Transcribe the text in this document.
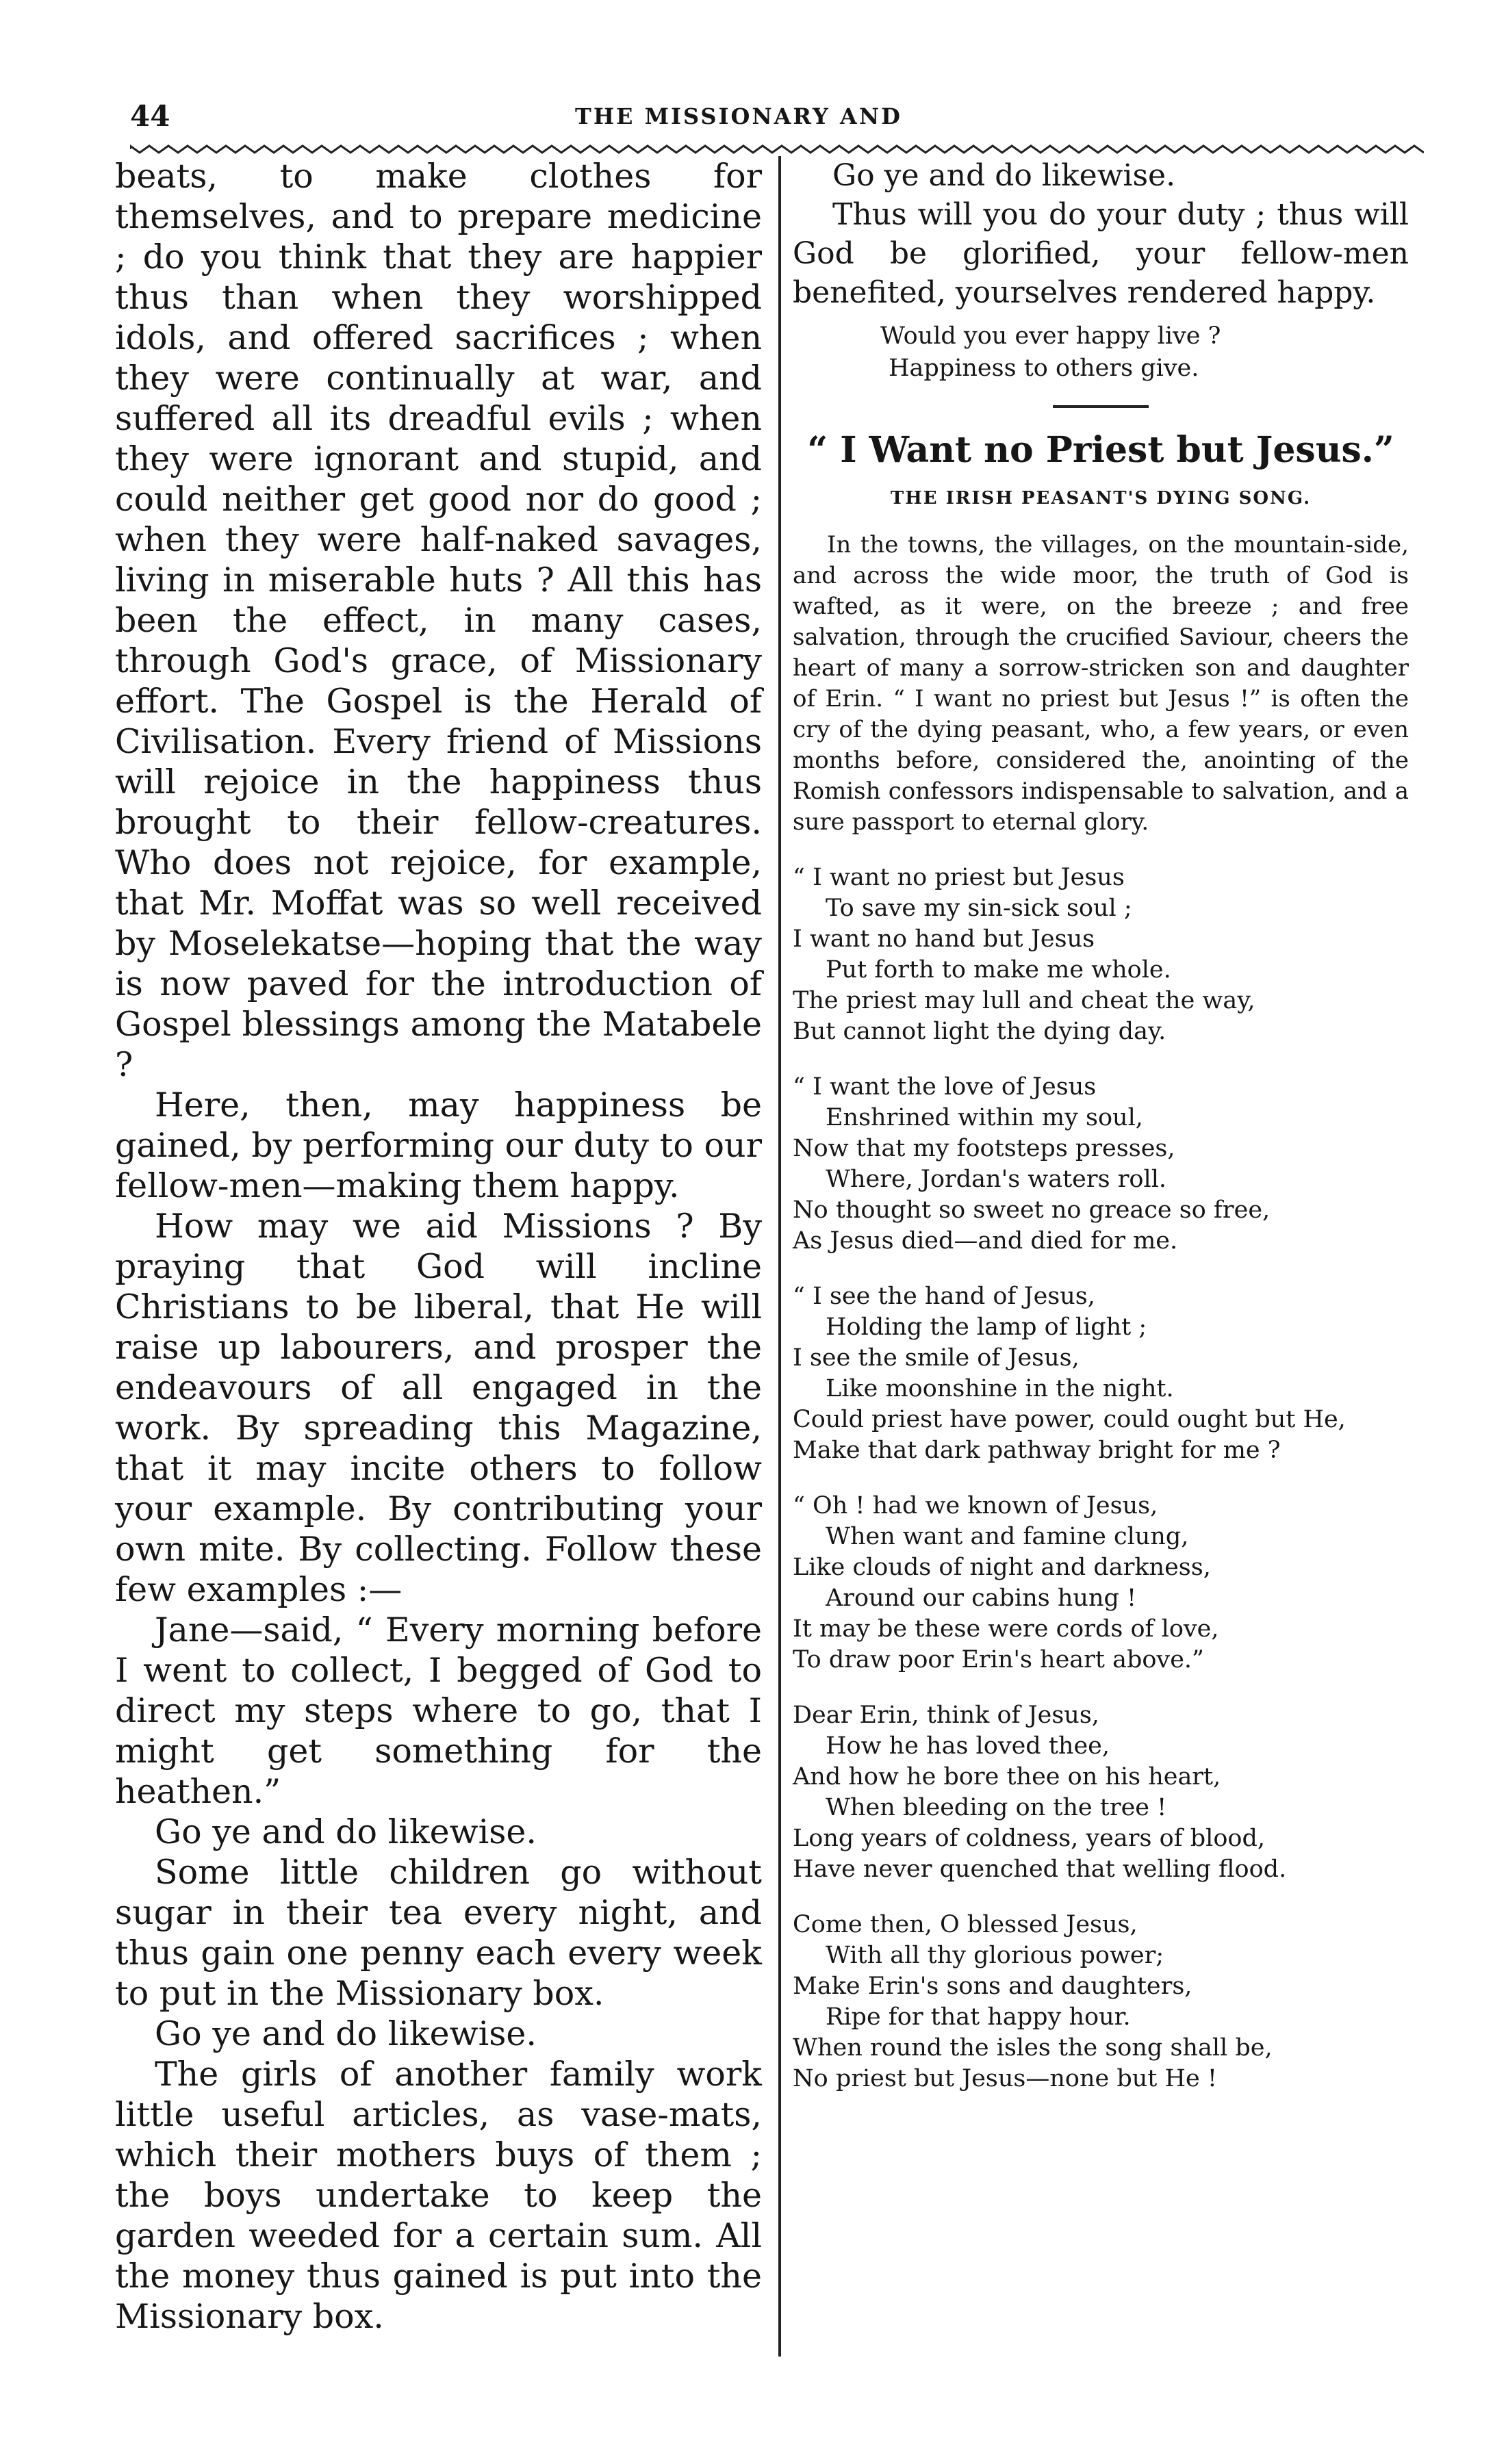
44	THE MISSIONARY AND

beats, to make clothes for themselves, and to prepare medicine ; do you think that they are happier thus than when they worshipped idols, and offered sacrifices ; when they were continually at war, and suffered all its dreadful evils ; when they were ignorant and stupid, and could neither get good nor do good ; when they were half-naked savages, living in miserable huts ? All this has been the effect, in many cases, through God's grace, of Missionary effort. The Gospel is the Herald of Civilisation. Every friend of Missions will rejoice in the happiness thus brought to their fellow-creatures. Who does not rejoice, for example, that Mr. Moffat was so well received by Moselekatse—hoping that the way is now paved for the introduction of Gospel blessings among the Matabele ?

Here, then, may happiness be gained, by performing our duty to our fellow-men—making them happy.

How may we aid Missions ? By praying that God will incline Christians to be liberal, that He will raise up labourers, and prosper the endeavours of all engaged in the work. By spreading this Magazine, that it may incite others to follow your example. By contributing your own mite. By collecting. Follow these few examples :—

Jane—said, “ Every morning before I went to collect, I begged of God to direct my steps where to go, that I might get something for the heathen.”

Go ye and do likewise.

Some little children go without sugar in their tea every night, and thus gain one penny each every week to put in the Missionary box.

Go ye and do likewise.

The girls of another family work little useful articles, as vase-mats, which their mothers buys of them ; the boys undertake to keep the garden weeded for a certain sum. All the money thus gained is put into the Missionary box.

Go ye and do likewise.

Thus will you do your duty ; thus will God be glorified, your fellow-men benefited, yourselves rendered happy.

Would you ever happy live ?
Happiness to others give.
“ I Want no Priest but Jesus.”
THE IRISH PEASANT'S DYING SONG.

In the towns, the villages, on the mountain-side, and across the wide moor, the truth of God is wafted, as it were, on the breeze ; and free salvation, through the crucified Saviour, cheers the heart of many a sorrow-stricken son and daughter of Erin. “ I want no priest but Jesus !” is often the cry of the dying peasant, who, a few years, or even months before, considered the, anointing of the Romish confessors indispensable to salvation, and a sure passport to eternal glory.

“ I want no priest but Jesus
To save my sin-sick soul ;
I want no hand but Jesus
Put forth to make me whole.
The priest may lull and cheat the way,
But cannot light the dying day.
“ I want the love of Jesus
Enshrined within my soul,
Now that my footsteps presses,
Where, Jordan's waters roll.
No thought so sweet no greace so free,
As Jesus died—and died for me.
“ I see the hand of Jesus,
Holding the lamp of light ;
I see the smile of Jesus,
Like moonshine in the night.
Could priest have power, could ought but He,
Make that dark pathway bright for me ?
“ Oh ! had we known of Jesus,
When want and famine clung,
Like clouds of night and darkness,
Around our cabins hung !
It may be these were cords of love,
To draw poor Erin's heart above.”
Dear Erin, think of Jesus,
How he has loved thee,
And how he bore thee on his heart,
When bleeding on the tree !
Long years of coldness, years of blood,
Have never quenched that welling flood.
Come then, O blessed Jesus,
With all thy glorious power;
Make Erin's sons and daughters,
Ripe for that happy hour.
When round the isles the song shall be,
No priest but Jesus—none but He !
